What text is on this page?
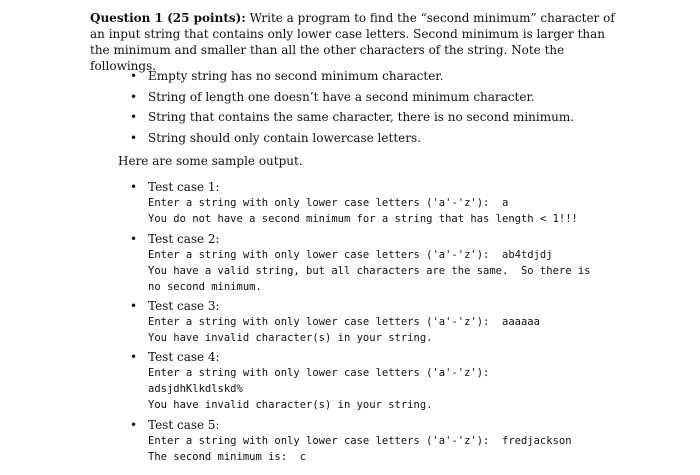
Question 1 (25 points): Write a program to find the “second minimum” character of an input string that contains only lower case letters. Second minimum is larger than the minimum and smaller than all the other characters of the string. Note the followings.
• Empty string has no second minimum character.
• String of length one doesn’t have a second minimum character.
• String that contains the same character, there is no second minimum.
• String should only contain lowercase letters.
Here are some sample output.
• Test case 1:
Enter a string with only lower case letters ('a'-'z'):  a
You do not have a second minimum for a string that has length < 1!!!
• Test case 2:
Enter a string with only lower case letters ('a'-'z'):  ab4tdjdj
You have a valid string, but all characters are the same.  So there is
no second minimum.
• Test case 3:
Enter a string with only lower case letters ('a'-'z'):  aaaaaa
You have invalid character(s) in your string.
• Test case 4:
Enter a string with only lower case letters ('a'-'z'):
adsjdhKlkdlskd%
You have invalid character(s) in your string.
• Test case 5:
Enter a string with only lower case letters ('a'-'z'):  fredjackson
The second minimum is:  c
